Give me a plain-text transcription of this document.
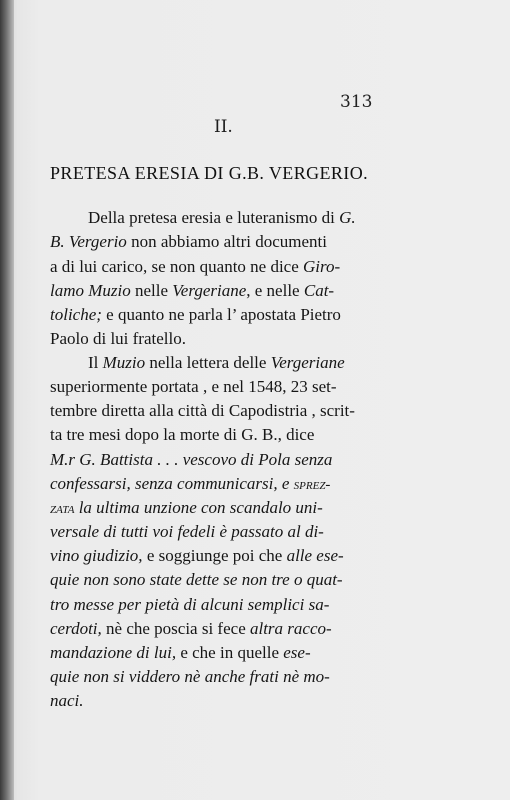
313
II.
PRETESA ERESIA DI G.B. VERGERIO.
Della pretesa eresia e luteranismo di G.
B. Vergerio non abbiamo altri documenti
a di lui carico, se non quanto ne dice Giro-
lamo Muzio nelle Vergeriane, e nelle Cat-
toliche; e quanto ne parla l’ apostata Pietro
Paolo di lui fratello.
Il Muzio nella lettera delle Vergeriane
superiormente portata , e nel 1548, 23 set-
tembre diretta alla città di Capodistria , scrit-
ta tre mesi dopo la morte di G. B., dice
M.r G. Battista . . . vescovo di Pola senza
confessarsi, senza communicarsi, e sprez-
zata la ultima unzione con scandalo uni-
versale di tutti voi fedeli è passato al di-
vino giudizio, e soggiunge poi che alle ese-
quie non sono state dette se non tre o quat-
tro messe per pietà di alcuni semplici sa-
cerdoti, nè che poscia si fece altra racco-
mandazione di lui, e che in quelle ese-
quie non si viddero nè anche frati nè mo-
naci.
